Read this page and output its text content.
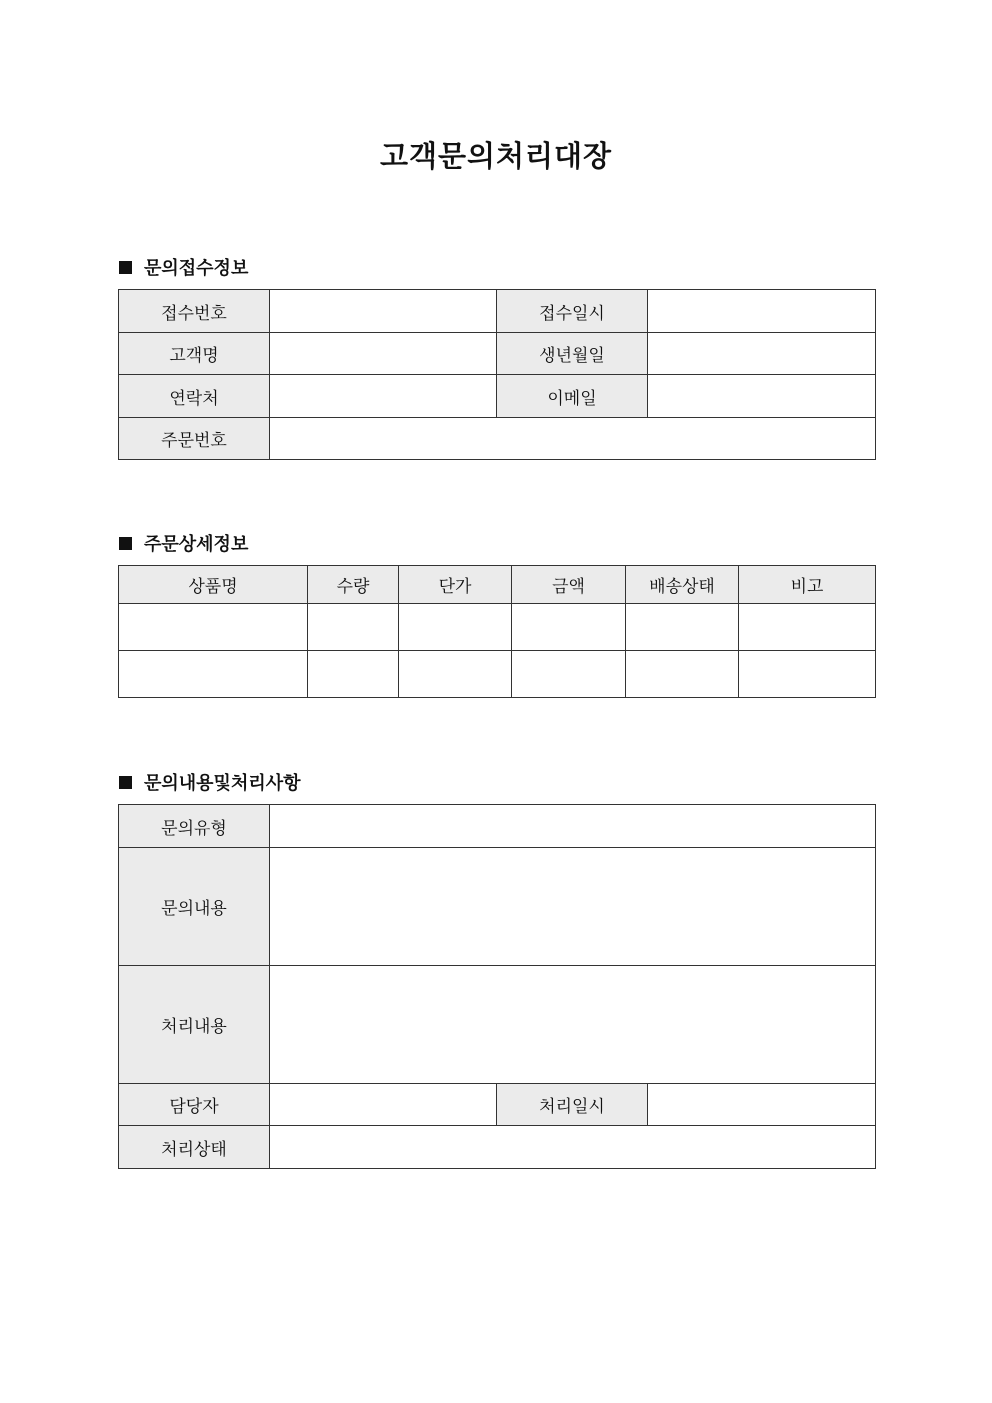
고객문의처리대장
문의접수정보
접수번호		접수일시	
고객명		생년월일	
연락처		이메일	
주문번호			
주문상세정보
상품명	수량	단가	금액	배송상태	비고

문의내용및처리사항
문의유형			
문의내용			
처리내용			
담당자		처리일시	
처리상태			
